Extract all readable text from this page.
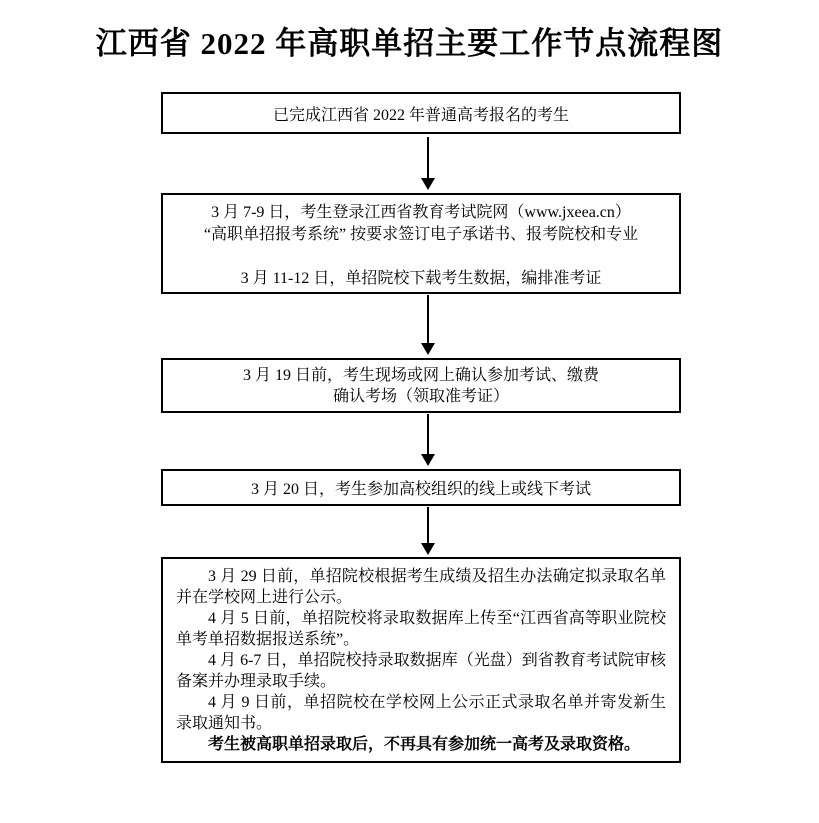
江西省 2022 年高职单招主要工作节点流程图
已完成江西省 2022 年普通高考报名的考生
3 月 7-9 日，考生登录江西省教育考试院网（www.jxeea.cn）
“高职单招报考系统” 按要求签订电子承诺书、报考院校和专业
3 月 11-12 日，单招院校下载考生数据，编排准考证
3 月 19 日前，考生现场或网上确认参加考试、缴费
确认考场（领取准考证）
3 月 20 日，考生参加高校组织的线上或线下考试

3 月 29 日前，单招院校根据考生成绩及招生办法确定拟录取名单并在学校网上进行公示。

4 月 5 日前，单招院校将录取数据库上传至“江西省高等职业院校单考单招数据报送系统”。

4 月 6-7 日，单招院校持录取数据库（光盘）到省教育考试院审核备案并办理录取手续。

4 月 9 日前，单招院校在学校网上公示正式录取名单并寄发新生录取通知书。

考生被高职单招录取后，不再具有参加统一高考及录取资格。
